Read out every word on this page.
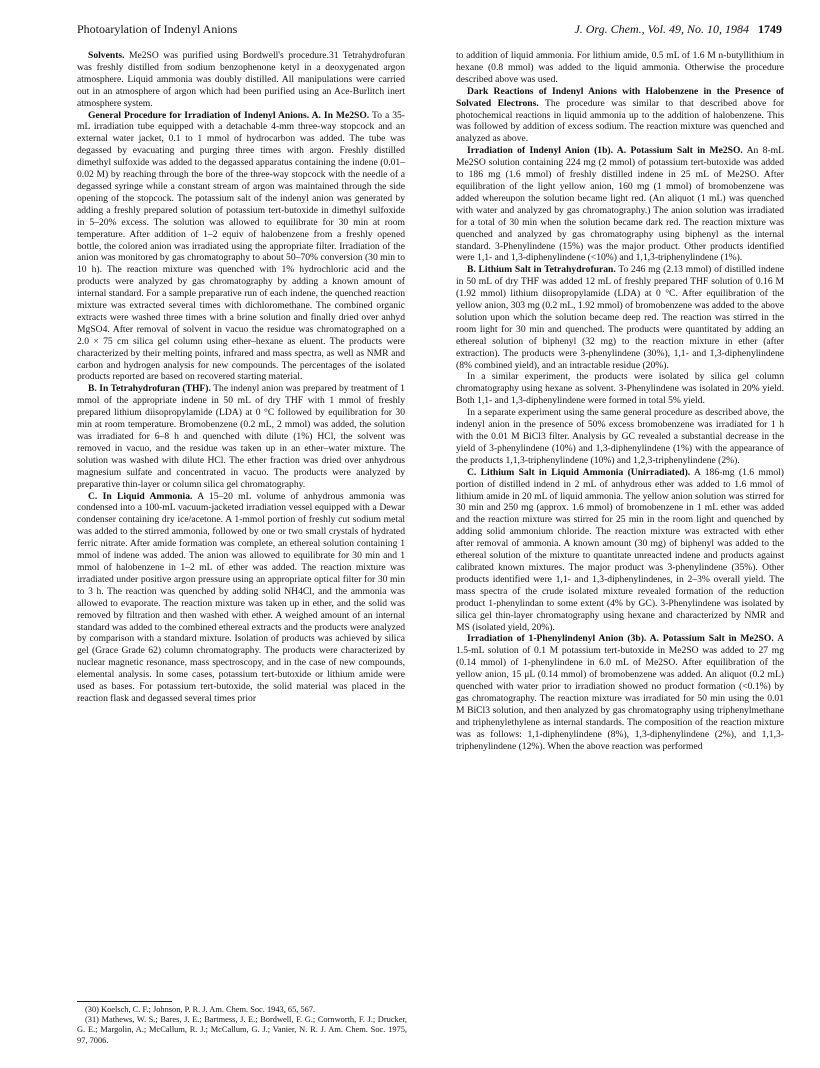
Photoarylation of Indenyl Anions	J. Org. Chem., Vol. 49, No. 10, 1984 1749

Solvents. Me2SO was purified using Bordwell's procedure.31 Tetrahydrofuran was freshly distilled from sodium benzophenone ketyl in a deoxygenated argon atmosphere. Liquid ammonia was doubly distilled. All manipulations were carried out in an atmosphere of argon which had been purified using an Ace-Burlitch inert atmosphere system.

General Procedure for Irradiation of Indenyl Anions. A. In Me2SO. To a 35-mL irradiation tube equipped with a detachable 4-mm three-way stopcock and an external water jacket, 0.1 to 1 mmol of hydrocarbon was added. The tube was degassed by evacuating and purging three times with argon. Freshly distilled dimethyl sulfoxide was added to the degassed apparatus containing the indene (0.01–0.02 M) by reaching through the bore of the three-way stopcock with the needle of a degassed syringe while a constant stream of argon was maintained through the side opening of the stopcock. The potassium salt of the indenyl anion was generated by adding a freshly prepared solution of potassium tert-butoxide in dimethyl sulfoxide in 5–20% excess. The solution was allowed to equilibrate for 30 min at room temperature. After addition of 1–2 equiv of halobenzene from a freshly opened bottle, the colored anion was irradiated using the appropriate filter. Irradiation of the anion was monitored by gas chromatography to about 50–70% conversion (30 min to 10 h). The reaction mixture was quenched with 1% hydrochloric acid and the products were analyzed by gas chromatography by adding a known amount of internal standard. For a sample preparative run of each indene, the quenched reaction mixture was extracted several times with dichloromethane. The combined organic extracts were washed three times with a brine solution and finally dried over anhyd MgSO4. After removal of solvent in vacuo the residue was chromatographed on a 2.0 × 75 cm silica gel column using ether–hexane as eluent. The products were characterized by their melting points, infrared and mass spectra, as well as NMR and carbon and hydrogen analysis for new compounds. The percentages of the isolated products reported are based on recovered starting material.

B. In Tetrahydrofuran (THF). The indenyl anion was prepared by treatment of 1 mmol of the appropriate indene in 50 mL of dry THF with 1 mmol of freshly prepared lithium diisopropylamide (LDA) at 0 °C followed by equilibration for 30 min at room temperature. Bromobenzene (0.2 mL, 2 mmol) was added, the solution was irradiated for 6–8 h and quenched with dilute (1%) HCl, the solvent was removed in vacuo, and the residue was taken up in an ether–water mixture. The solution was washed with dilute HCl. The ether fraction was dried over anhydrous magnesium sulfate and concentrated in vacuo. The products were analyzed by preparative thin-layer or column silica gel chromatography.

C. In Liquid Ammonia. A 15–20 mL volume of anhydrous ammonia was condensed into a 100-mL vacuum-jacketed irradiation vessel equipped with a Dewar condenser containing dry ice/acetone. A 1-mmol portion of freshly cut sodium metal was added to the stirred ammonia, followed by one or two small crystals of hydrated ferric nitrate. After amide formation was complete, an ethereal solution containing 1 mmol of indene was added. The anion was allowed to equilibrate for 30 min and 1 mmol of halobenzene in 1–2 mL of ether was added. The reaction mixture was irradiated under positive argon pressure using an appropriate optical filter for 30 min to 3 h. The reaction was quenched by adding solid NH4Cl, and the ammonia was allowed to evaporate. The reaction mixture was taken up in ether, and the solid was removed by filtration and then washed with ether. A weighed amount of an internal standard was added to the combined ethereal extracts and the products were analyzed by comparison with a standard mixture. Isolation of products was achieved by silica gel (Grace Grade 62) column chromatography. The products were characterized by nuclear magnetic resonance, mass spectroscopy, and in the case of new compounds, elemental analysis. In some cases, potassium tert-butoxide or lithium amide were used as bases. For potassium tert-butoxide, the solid material was placed in the reaction flask and degassed several times prior

to addition of liquid ammonia. For lithium amide, 0.5 mL of 1.6 M n-butyllithium in hexane (0.8 mmol) was added to the liquid ammonia. Otherwise the procedure described above was used.

Dark Reactions of Indenyl Anions with Halobenzene in the Presence of Solvated Electrons. The procedure was similar to that described above for photochemical reactions in liquid ammonia up to the addition of halobenzene. This was followed by addition of excess sodium. The reaction mixture was quenched and analyzed as above.

Irradiation of Indenyl Anion (1b). A. Potassium Salt in Me2SO. An 8-mL Me2SO solution containing 224 mg (2 mmol) of potassium tert-butoxide was added to 186 mg (1.6 mmol) of freshly distilled indene in 25 mL of Me2SO. After equilibration of the light yellow anion, 160 mg (1 mmol) of bromobenzene was added whereupon the solution became light red. (An aliquot (1 mL) was quenched with water and analyzed by gas chromatography.) The anion solution was irradiated for a total of 30 min when the solution became dark red. The reaction mixture was quenched and analyzed by gas chromatography using biphenyl as the internal standard. 3-Phenylindene (15%) was the major product. Other products identified were 1,1- and 1,3-diphenylindene (<10%) and 1,1,3-triphenylindene (1%).

B. Lithium Salt in Tetrahydrofuran. To 246 mg (2.13 mmol) of distilled indene in 50 mL of dry THF was added 12 mL of freshly prepared THF solution of 0.16 M (1.92 mmol) lithium diisopropylamide (LDA) at 0 °C. After equilibration of the yellow anion, 303 mg (0.2 mL, 1.92 mmol) of bromobenzene was added to the above solution upon which the solution became deep red. The reaction was stirred in the room light for 30 min and quenched. The products were quantitated by adding an ethereal solution of biphenyl (32 mg) to the reaction mixture in ether (after extraction). The products were 3-phenylindene (30%), 1,1- and 1,3-diphenylindene (8% combined yield), and an intractable residue (20%).

In a similar experiment, the products were isolated by silica gel column chromatography using hexane as solvent. 3-Phenylindene was isolated in 20% yield. Both 1,1- and 1,3-diphenylindene were formed in total 5% yield.

In a separate experiment using the same general procedure as described above, the indenyl anion in the presence of 50% excess bromobenzene was irradiated for 1 h with the 0.01 M BiCl3 filter. Analysis by GC revealed a substantial decrease in the yield of 3-phenylindene (10%) and 1,3-diphenylindene (1%) with the appearance of the products 1,1,3-triphenylindene (10%) and 1,2,3-triphenylindene (2%).

C. Lithium Salt in Liquid Ammonia (Unirradiated). A 186-mg (1.6 mmol) portion of distilled indend in 2 mL of anhydrous ether was added to 1.6 mmol of lithium amide in 20 mL of liquid ammonia. The yellow anion solution was stirred for 30 min and 250 mg (approx. 1.6 mmol) of bromobenzene in 1 mL ether was added and the reaction mixture was stirred for 25 min in the room light and quenched by adding solid ammonium chloride. The reaction mixture was extracted with ether after removal of ammonia. A known amount (30 mg) of biphenyl was added to the ethereal solution of the mixture to quantitate unreacted indene and products against calibrated known mixtures. The major product was 3-phenylindene (35%). Other products identified were 1,1- and 1,3-diphenylindenes, in 2–3% overall yield. The mass spectra of the crude isolated mixture revealed formation of the reduction product 1-phenylindan to some extent (4% by GC). 3-Phenylindene was isolated by silica gel thin-layer chromatography using hexane and characterized by NMR and MS (isolated yield, 20%).

Irradiation of 1-Phenylindenyl Anion (3b). A. Potassium Salt in Me2SO. A 1.5-mL solution of 0.1 M potassium tert-butoxide in Me2SO was added to 27 mg (0.14 mmol) of 1-phenylindene in 6.0 mL of Me2SO. After equilibration of the yellow anion, 15 μL (0.14 mmol) of bromobenzene was added. An aliquot (0.2 mL) quenched with water prior to irradiation showed no product formation (<0.1%) by gas chromatography. The reaction mixture was irradiated for 50 min using the 0.01 M BiCl3 solution, and then analyzed by gas chromatography using triphenylmethane and triphenylethylene as internal standards. The composition of the reaction mixture was as follows: 1,1-diphenylindene (8%), 1,3-diphenylindene (2%), and 1,1,3-triphenylindene (12%). When the above reaction was performed

(30) Koelsch, C. F.; Johnson, P. R. J. Am. Chem. Soc. 1943, 65, 567.

(31) Mathews, W. S.; Bares, J. E.; Bartmess, J. E.; Bordwell, F. G.; Cornworth, F. J.; Drucker, G. E.; Margolin, A.; McCallum, R. J.; McCallum, G. J.; Vanier, N. R. J. Am. Chem. Soc. 1975, 97, 7006.
